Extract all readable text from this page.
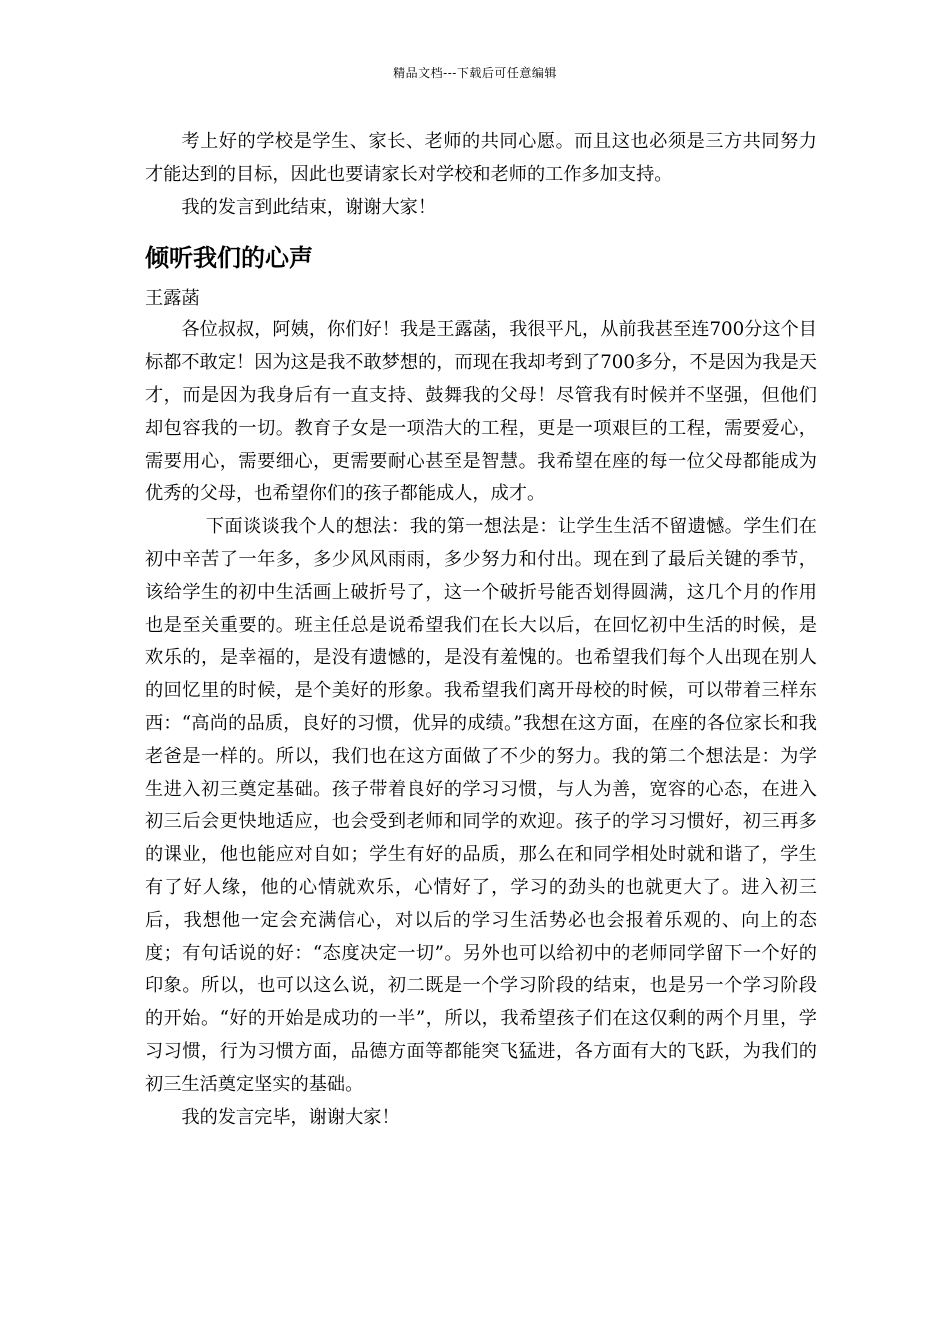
精品文档---下载后可任意编辑

考上好的学校是学生、家长、老师的共同心愿。而且这也必须是三方共同努力才能达到的目标，因此也要请家长对学校和老师的工作多加支持。

我的发言到此结束，谢谢大家！

倾听我们的心声

王露菡

各位叔叔，阿姨，你们好！我是王露菡，我很平凡，从前我甚至连700分这个目标都不敢定！因为这是我不敢梦想的，而现在我却考到了700多分，不是因为我是天才，而是因为我身后有一直支持、鼓舞我的父母！尽管我有时候并不坚强，但他们却包容我的一切。教育子女是一项浩大的工程，更是一项艰巨的工程，需要爱心，需要用心，需要细心，更需要耐心甚至是智慧。我希望在座的每一位父母都能成为优秀的父母，也希望你们的孩子都能成人，成才。

下面谈谈我个人的想法：我的第一想法是：让学生生活不留遗憾。学生们在初中辛苦了一年多，多少风风雨雨，多少努力和付出。现在到了最后关键的季节，该给学生的初中生活画上破折号了，这一个破折号能否划得圆满，这几个月的作用也是至关重要的。班主任总是说希望我们在长大以后，在回忆初中生活的时候，是欢乐的，是幸福的，是没有遗憾的，是没有羞愧的。也希望我们每个人出现在别人的回忆里的时候，是个美好的形象。我希望我们离开母校的时候，可以带着三样东西：“高尚的品质，良好的习惯，优异的成绩。”我想在这方面，在座的各位家长和我老爸是一样的。所以，我们也在这方面做了不少的努力。我的第二个想法是：为学生进入初三奠定基础。孩子带着良好的学习习惯，与人为善，宽容的心态，在进入初三后会更快地适应，也会受到老师和同学的欢迎。孩子的学习习惯好，初三再多的课业，他也能应对自如；学生有好的品质，那么在和同学相处时就和谐了，学生有了好人缘，他的心情就欢乐，心情好了，学习的劲头的也就更大了。进入初三后，我想他一定会充满信心，对以后的学习生活势必也会报着乐观的、向上的态度；有句话说的好：“态度决定一切”。另外也可以给初中的老师同学留下一个好的印象。所以，也可以这么说，初二既是一个学习阶段的结束，也是另一个学习阶段的开始。“好的开始是成功的一半”，所以，我希望孩子们在这仅剩的两个月里，学习习惯，行为习惯方面，品德方面等都能突飞猛进，各方面有大的飞跃，为我们的初三生活奠定坚实的基础。

我的发言完毕，谢谢大家！
